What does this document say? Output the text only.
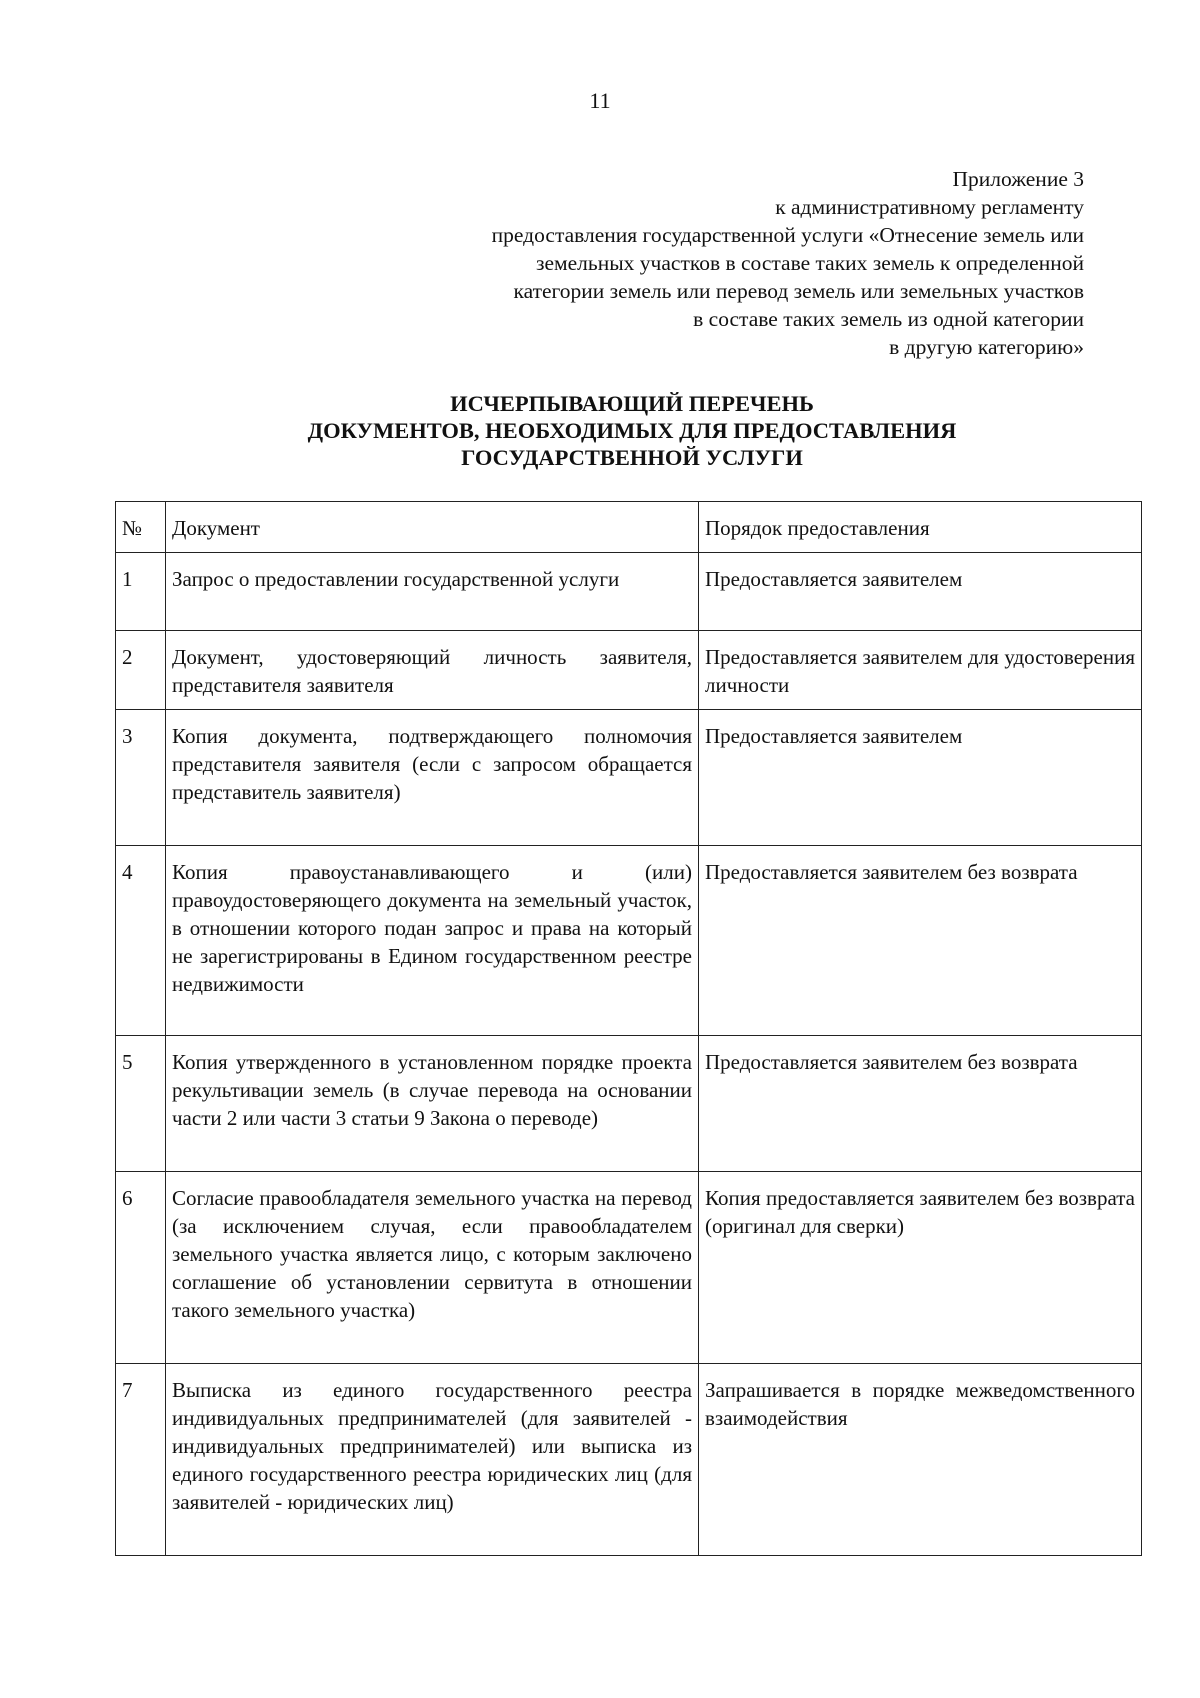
11
Приложение 3
к административному регламенту
предоставления государственной услуги «Отнесение земель или
земельных участков в составе таких земель к определенной
категории земель или перевод земель или земельных участков
в составе таких земель из одной категории
в другую категорию»
ИСЧЕРПЫВАЮЩИЙ ПЕРЕЧЕНЬ
ДОКУМЕНТОВ, НЕОБХОДИМЫХ ДЛЯ ПРЕДОСТАВЛЕНИЯ
ГОСУДАРСТВЕННОЙ УСЛУГИ
№	Документ	Порядок предоставления
1	Запрос о предоставлении государственной услуги	Предоставляется заявителем
2	Документ, удостоверяющий личность заявителя, представителя заявителя	Предоставляется заявителем для удостоверения личности
3	Копия документа, подтверждающего полномочия представителя заявителя (если с запросом обращается представитель заявителя)	Предоставляется заявителем
4	Копия правоустанавливающего и (или) правоудостоверяющего документа на земельный участок, в отношении которого подан запрос и права на который не зарегистрированы в Едином государственном реестре недвижимости	Предоставляется заявителем без возврата
5	Копия утвержденного в установленном порядке проекта рекультивации земель (в случае перевода на основании части 2 или части 3 статьи 9 Закона о переводе)	Предоставляется заявителем без возврата
6	Согласие правообладателя земельного участка на перевод (за исключением случая, если правообладателем земельного участка является лицо, с которым заключено соглашение об установлении сервитута в отношении такого земельного участка)	Копия предоставляется заявителем без возврата (оригинал для сверки)
7	Выписка из единого государственного реестра индивидуальных предпринимателей (для заявителей - индивидуальных предпринимателей) или выписка из единого государственного реестра юридических лиц (для заявителей - юридических лиц)	Запрашивается в порядке межведомственного взаимодействия
